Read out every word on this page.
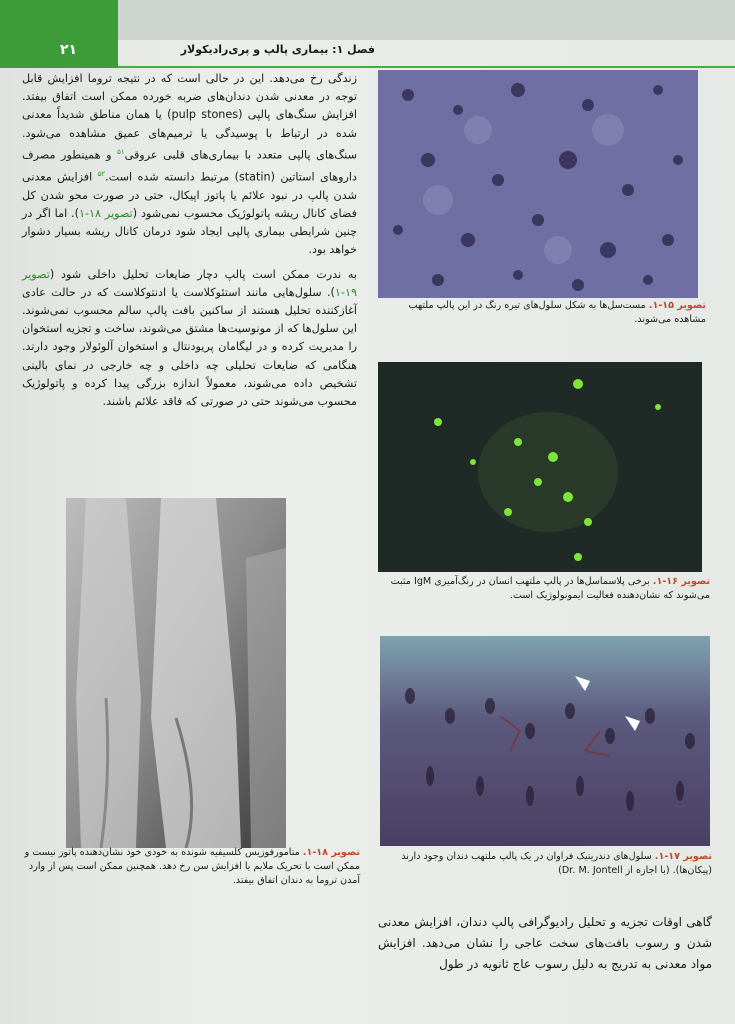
۲۱	فصل ۱: بیماری پالپ و پری‌رادیکولار
زندگی رخ می‌دهد. این در حالی است که در نتیجه تروما افزایش قابل توجه در معدنی شدن دندان‌های ضربه خورده ممکن است اتفاق بیفتد. افزایش سنگ‌های پالپی (pulp stones) یا همان مناطق شدیداً معدنی شده در ارتباط با پوسیدگی یا ترمیم‌های عمیق مشاهده می‌شود. سنگ‌های پالپی متعدد با بیماری‌های قلبی عروقی$^{۵۱}$ و همینطور مصرف داروهای استاتین (statin) مرتبط دانسته شده است.$^{۵۲}$ افزایش معدنی شدن پالپ در نبود علائم یا پاتوز اپیکال، حتی در صورت محو شدن کل فضای کانال ریشه پاتولوژیک محسوب نمی‌شود (تصویر ۱۸-۱). اما اگر در چنین شرایطی بیماری پالپی ایجاد شود درمان کانال ریشه بسیار دشوار خواهد بود.
به ندرت ممکن است پالپ دچار ضایعات تحلیل داخلی شود (تصویر ۱۹-۱). سلول‌هایی مانند استئوکلاست یا ادنتوکلاست که در حالت عادی آغازکننده تحلیل هستند از ساکنین بافت پالپ سالم محسوب نمی‌شوند. این سلول‌ها که از مونوسیت‌ها مشتق می‌شوند، ساخت و تجزیه استخوان را مدیریت کرده و در لیگامان پریودنتال و استخوان آلوئولار وجود دارند. هنگامی که ضایعات تحلیلی چه داخلی و چه خارجی در نمای بالینی تشخیص داده می‌شوند، معمولاً اندازه بزرگی پیدا کرده و پاتولوژیک محسوب می‌شوند حتی در صورتی که فاقد علائم باشند.
تصویر ۱۸-۱. متامورفوزیس کلسیفیه شونده به خودی خود نشان‌دهنده پاتوز نیست و ممکن است با تحریک ملایم یا افزایش سن رخ دهد. همچنین ممکن است پس از وارد آمدن تروما به دندان اتفاق بیفتد.
تصویر ۱۵-۱. مست‌سل‌ها به شکل سلول‌های تیره رنگ در این پالپ ملتهب مشاهده می‌شوند.
تصویر ۱۶-۱. برخی پلاسماسل‌ها در پالپ ملتهب انسان در رنگ‌آمیزی IgM مثبت می‌شوند که نشان‌دهنده فعالیت ایمونولوژیک است.
تصویر ۱۷-۱. سلول‌های دندریتیک فراوان در یک پالپ ملتهب دندان وجود دارند (پیکان‌ها). (با اجازه از Dr. M. Jontell)
گاهی اوقات تجزیه و تحلیل رادیوگرافی پالپ دندان، افزایش معدنی شدن و رسوب بافت‌های سخت عاجی را نشان می‌دهد. افزایش مواد معدنی به تدریج به دلیل رسوب عاج ثانویه در طول
